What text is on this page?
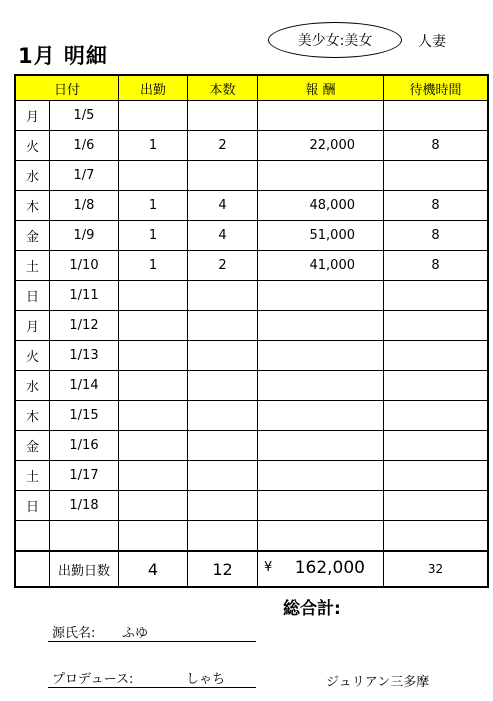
1月 明細
美少女:美女	人妻
日付		出勤	本数	報 酬	待機時間
月	1/5				
火	1/6	1	2	22,000	8
水	1/7				
木	1/8	1	4	48,000	8
金	1/9	1	4	51,000	8
土	1/10	1	2	41,000	8
日	1/11				
月	1/12				
火	1/13				
水	1/14				
木	1/15				
金	1/16				
土	1/17				
日	1/18				

	出勤日数	4	12	¥ 162,000	32
総合計:
源氏名: ふゆ
プロデュース:	しゃち	ジュリアン三多摩
